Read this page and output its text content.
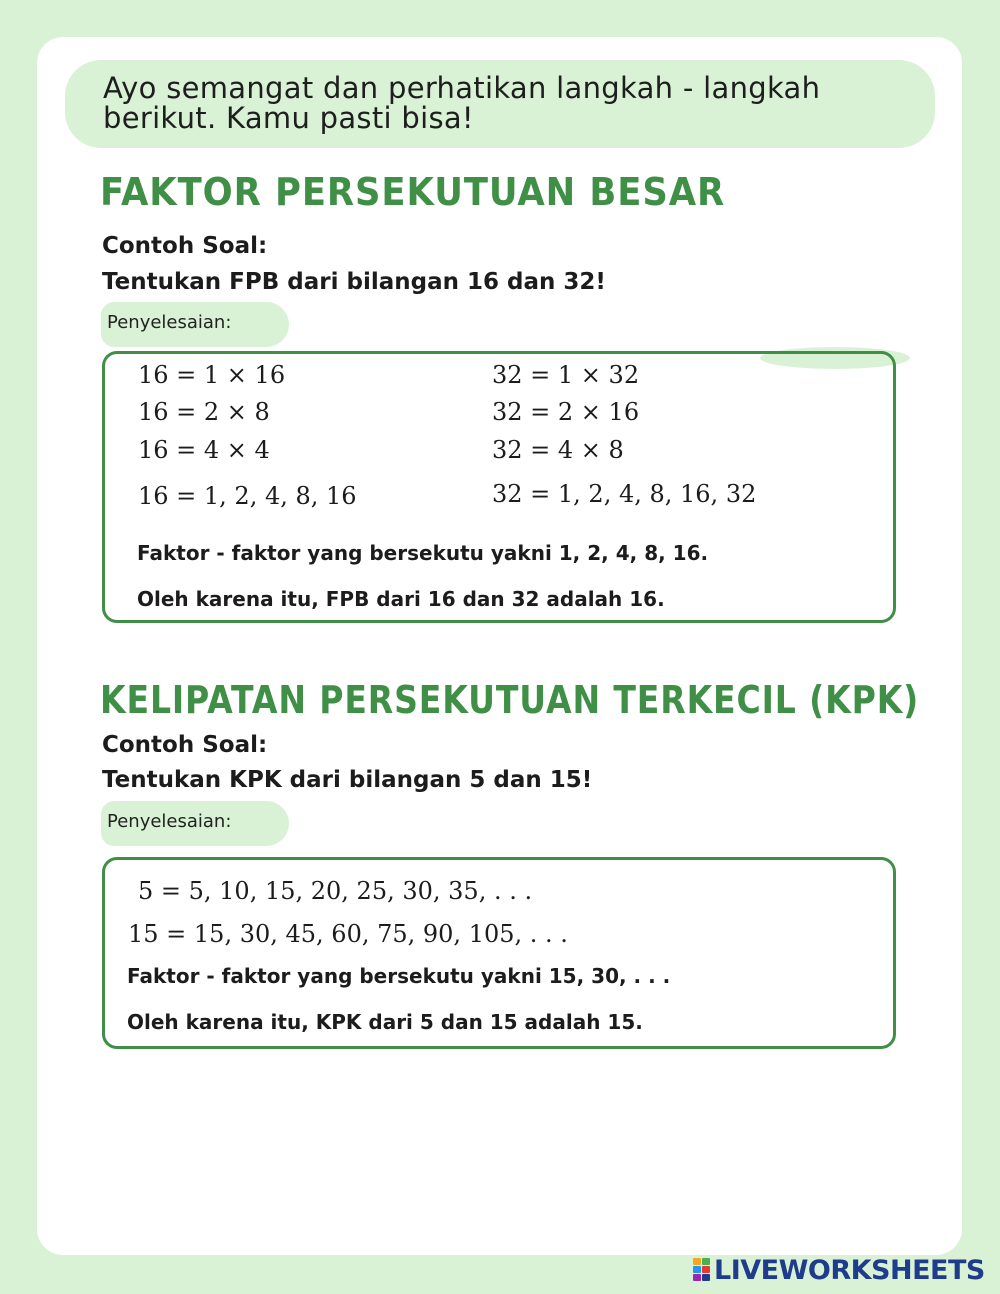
Ayo semangat dan perhatikan langkah - langkah berikut. Kamu pasti bisa!
FAKTOR PERSEKUTUAN BESAR
Contoh Soal:
Tentukan FPB dari bilangan 16 dan 32!
Penyelesaian:
16 = 1 × 16
16 = 2 × 8
16 = 4 × 4
16 = 1, 2, 4, 8, 16
32 = 1 × 32
32 = 2 × 16
32 = 4 × 8
32 = 1, 2, 4, 8, 16, 32
Faktor - faktor yang bersekutu yakni 1, 2, 4, 8, 16.
Oleh karena itu, FPB dari 16 dan 32 adalah 16.
KELIPATAN PERSEKUTUAN TERKECIL (KPK)
Contoh Soal:
Tentukan KPK dari bilangan 5 dan 15!
Penyelesaian:
5 = 5, 10, 15, 20, 25, 30, 35, . . .
15 = 15, 30, 45, 60, 75, 90, 105, . . .
Faktor - faktor yang bersekutu yakni 15, 30, . . .
Oleh karena itu, KPK dari 5 dan 15 adalah 15.
LIVEWORKSHEETS
